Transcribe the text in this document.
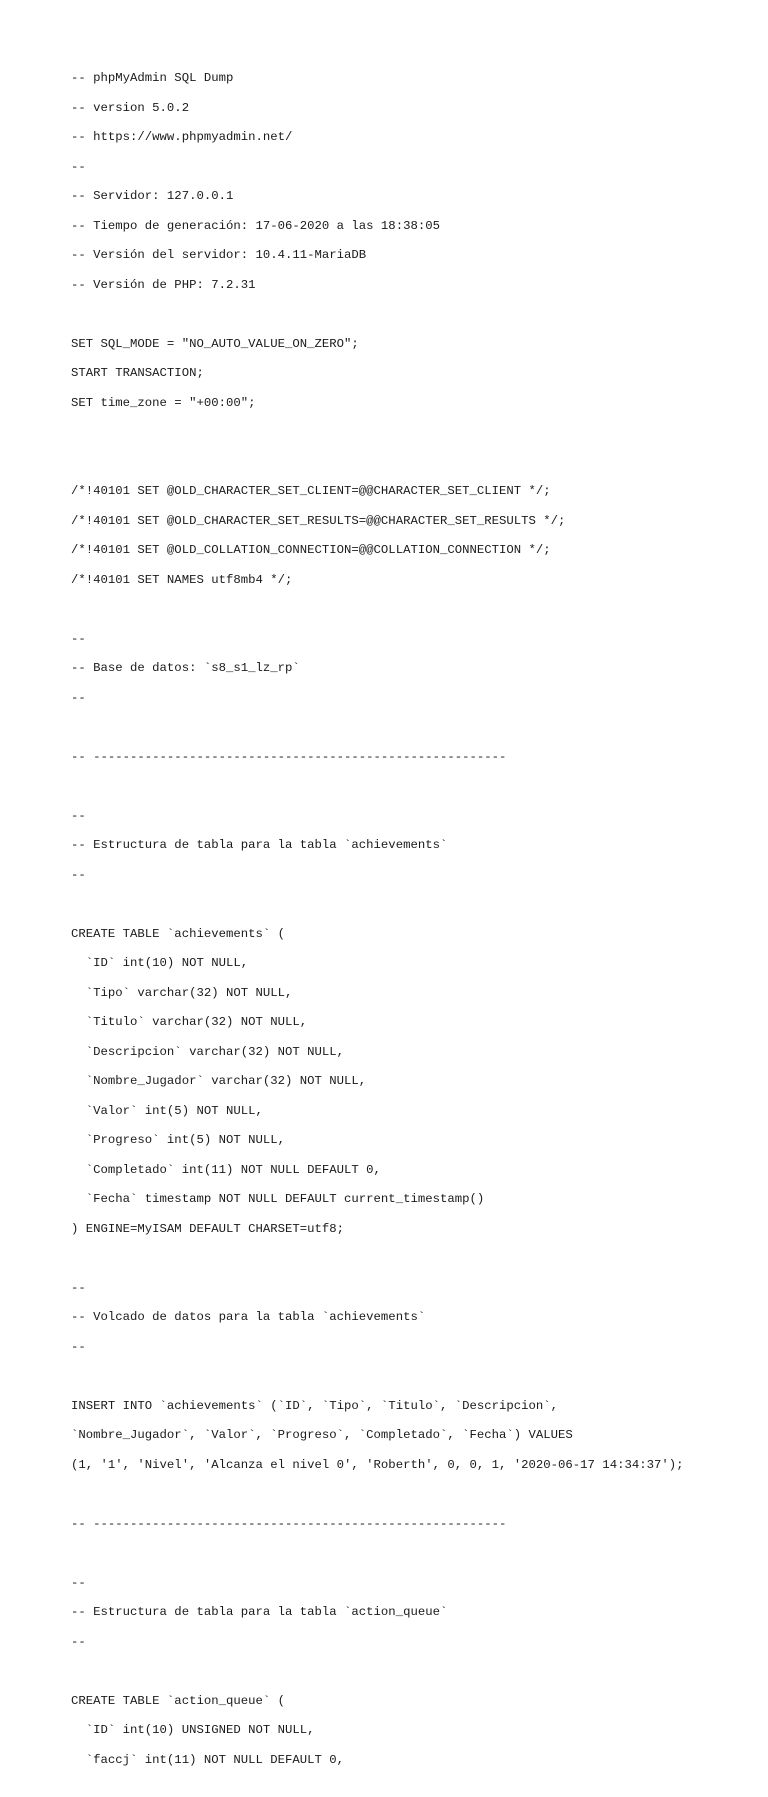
-- phpMyAdmin SQL Dump

-- version 5.0.2

-- https://www.phpmyadmin.net/

--

-- Servidor: 127.0.0.1

-- Tiempo de generación: 17-06-2020 a las 18:38:05

-- Versión del servidor: 10.4.11-MariaDB

-- Versión de PHP: 7.2.31

SET SQL_MODE = "NO_AUTO_VALUE_ON_ZERO";

START TRANSACTION;

SET time_zone = "+00:00";

/*!40101 SET @OLD_CHARACTER_SET_CLIENT=@@CHARACTER_SET_CLIENT */;

/*!40101 SET @OLD_CHARACTER_SET_RESULTS=@@CHARACTER_SET_RESULTS */;

/*!40101 SET @OLD_COLLATION_CONNECTION=@@COLLATION_CONNECTION */;

/*!40101 SET NAMES utf8mb4 */;

--

-- Base de datos: `s8_s1_lz_rp`

--

-- --------------------------------------------------------

--

-- Estructura de tabla para la tabla `achievements`

--

CREATE TABLE `achievements` (

`ID` int(10) NOT NULL,

`Tipo` varchar(32) NOT NULL,

`Titulo` varchar(32) NOT NULL,

`Descripcion` varchar(32) NOT NULL,

`Nombre_Jugador` varchar(32) NOT NULL,

`Valor` int(5) NOT NULL,

`Progreso` int(5) NOT NULL,

`Completado` int(11) NOT NULL DEFAULT 0,

`Fecha` timestamp NOT NULL DEFAULT current_timestamp()

) ENGINE=MyISAM DEFAULT CHARSET=utf8;

--

-- Volcado de datos para la tabla `achievements`

--

INSERT INTO `achievements` (`ID`, `Tipo`, `Titulo`, `Descripcion`,

`Nombre_Jugador`, `Valor`, `Progreso`, `Completado`, `Fecha`) VALUES

(1, '1', 'Nivel', 'Alcanza el nivel 0', 'Roberth', 0, 0, 1, '2020-06-17 14:34:37');

-- --------------------------------------------------------

--

-- Estructura de tabla para la tabla `action_queue`

--

CREATE TABLE `action_queue` (

`ID` int(10) UNSIGNED NOT NULL,

`faccj` int(11) NOT NULL DEFAULT 0,
